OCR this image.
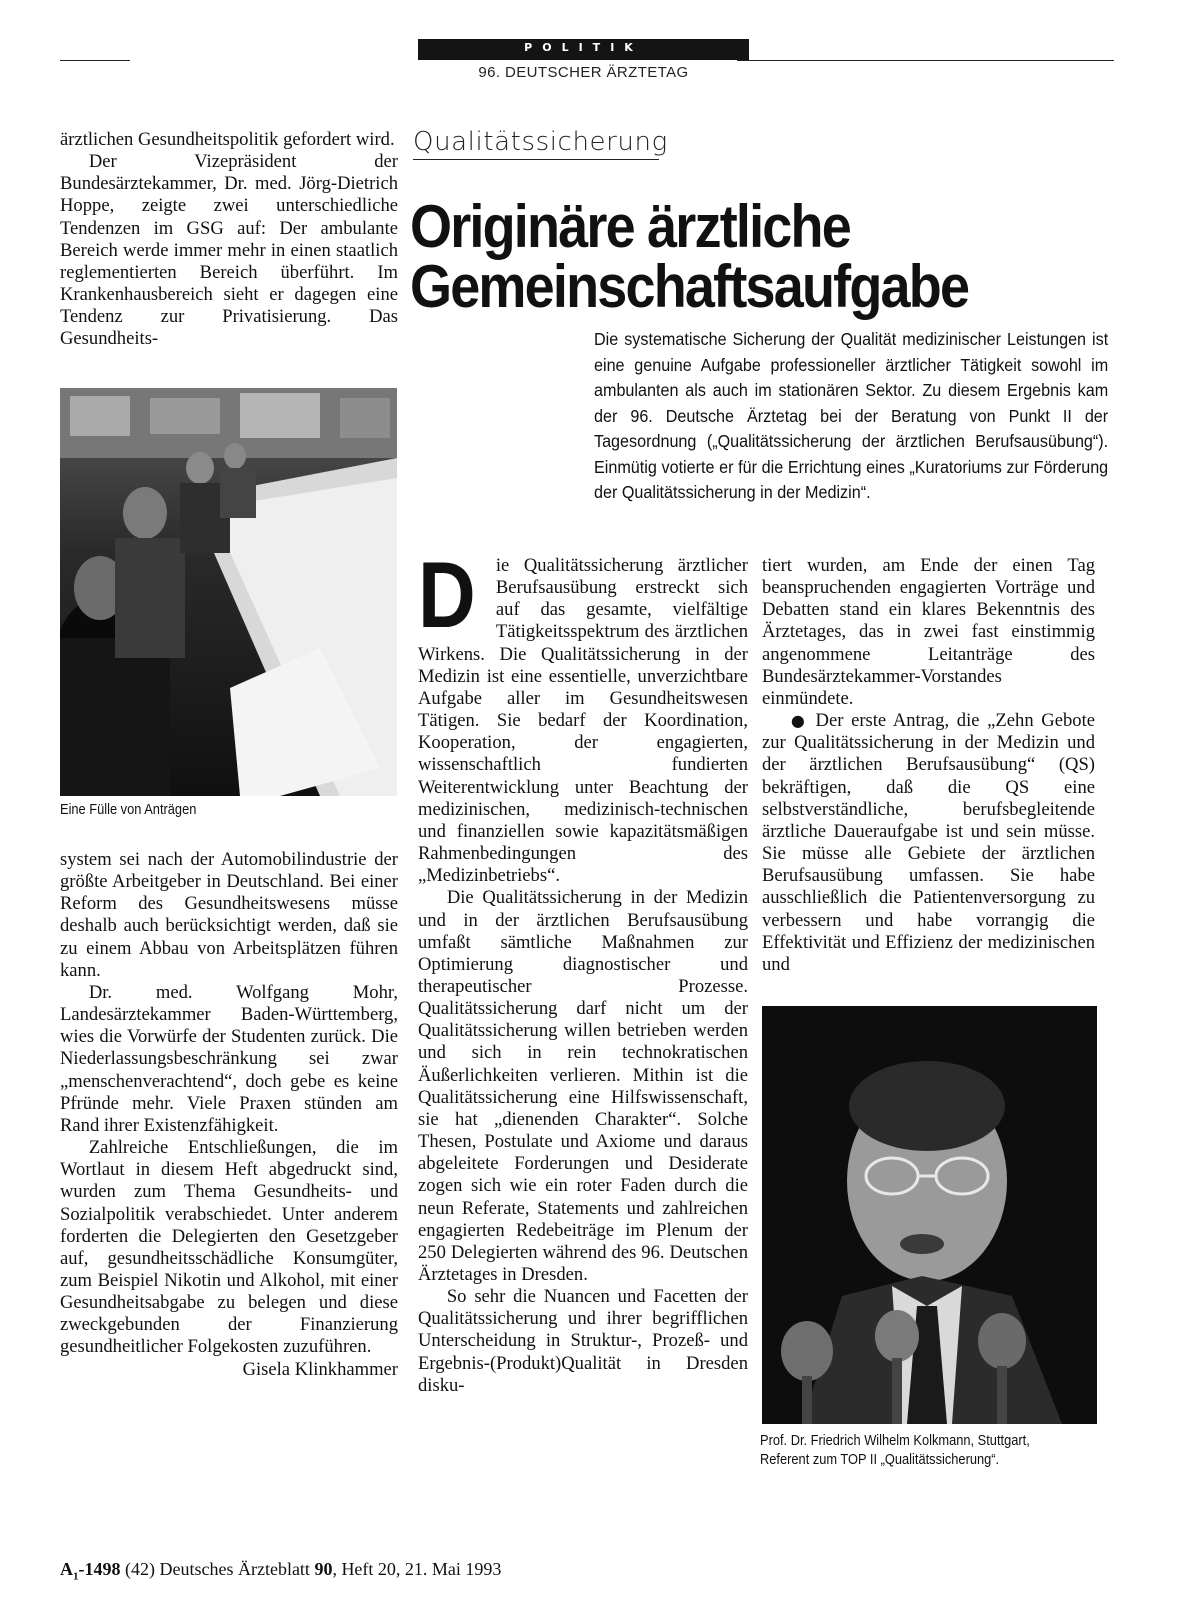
POLITIK
96. DEUTSCHER ÄRZTETAG

ärztlichen Gesundheitspolitik gefordert wird.

Der Vizepräsident der Bundesärztekammer, Dr. med. Jörg-Dietrich Hoppe, zeigte zwei unterschiedliche Tendenzen im GSG auf: Der ambulante Bereich werde immer mehr in einen staatlich reglementierten Bereich überführt. Im Krankenhausbereich sieht er dagegen eine Tendenz zur Privatisierung. Das Gesundheits-

Eine Fülle von Anträgen

system sei nach der Automobilindustrie der größte Arbeitgeber in Deutschland. Bei einer Reform des Gesundheitswesens müsse deshalb auch berücksichtigt werden, daß sie zu einem Abbau von Arbeitsplätzen führen kann.

Dr. med. Wolfgang Mohr, Landesärztekammer Baden-Württemberg, wies die Vorwürfe der Studenten zurück. Die Niederlassungsbeschränkung sei zwar „menschenverachtend“, doch gebe es keine Pfründe mehr. Viele Praxen stünden am Rand ihrer Existenzfähigkeit.

Zahlreiche Entschließungen, die im Wortlaut in diesem Heft abgedruckt sind, wurden zum Thema Gesundheits- und Sozialpolitik verabschiedet. Unter anderem forderten die Delegierten den Gesetzgeber auf, gesundheitsschädliche Konsumgüter, zum Beispiel Nikotin und Alkohol, mit einer Gesundheitsabgabe zu belegen und diese zweckgebunden der Finanzierung gesundheitlicher Folgekosten zuzuführen.

Gisela Klinkhammer

Qualitätssicherung
Originäre ärztliche
Gemeinschaftsaufgabe
Die systematische Sicherung der Qualität medizinischer Leistungen ist eine genuine Aufgabe professioneller ärztlicher Tätigkeit sowohl im ambulanten als auch im stationären Sektor. Zu diesem Ergebnis kam der 96. Deutsche Ärztetag bei der Beratung von Punkt II der Tagesordnung („Qualitätssicherung der ärztlichen Berufsausübung“). Einmütig votierte er für die Errichtung eines „Kuratoriums zur Förderung der Qualitätssicherung in der Medizin“.

D ie Qualitätssicherung ärztlicher Berufsausübung erstreckt sich auf das gesamte, vielfältige Tätigkeitsspektrum des ärztlichen Wirkens. Die Qualitätssicherung in der Medizin ist eine essentielle, unverzichtbare Aufgabe aller im Gesundheitswesen Tätigen. Sie bedarf der Koordination, Kooperation, der engagierten, wissenschaftlich fundierten Weiterentwicklung unter Beachtung der medizinischen, medizinisch-technischen und finanziellen sowie kapazitätsmäßigen Rahmenbedingungen des „Medizinbetriebs“.

Die Qualitätssicherung in der Medizin und in der ärztlichen Berufsausübung umfaßt sämtliche Maßnahmen zur Optimierung diagnostischer und therapeutischer Prozesse. Qualitätssicherung darf nicht um der Qualitätssicherung willen betrieben werden und sich in rein technokratischen Äußerlichkeiten verlieren. Mithin ist die Qualitätssicherung eine Hilfswissenschaft, sie hat „dienenden Charakter“. Solche Thesen, Postulate und Axiome und daraus abgeleitete Forderungen und Desiderate zogen sich wie ein roter Faden durch die neun Referate, Statements und zahlreichen engagierten Redebeiträge im Plenum der 250 Delegierten während des 96. Deutschen Ärztetages in Dresden.

So sehr die Nuancen und Facetten der Qualitätssicherung und ihrer begrifflichen Unterscheidung in Struktur-, Prozeß- und Ergebnis-(Produkt)Qualität in Dresden disku-

tiert wurden, am Ende der einen Tag beanspruchenden engagierten Vorträge und Debatten stand ein klares Bekenntnis des Ärztetages, das in zwei fast einstimmig angenommene Leitanträge des Bundesärztekammer-Vorstandes einmündete.

● Der erste Antrag, die „Zehn Gebote zur Qualitätssicherung in der Medizin und der ärztlichen Berufsausübung“ (QS) bekräftigen, daß die QS eine selbstverständliche, berufsbegleitende ärztliche Daueraufgabe ist und sein müsse. Sie müsse alle Gebiete der ärztlichen Berufsausübung umfassen. Sie habe ausschließlich die Patientenversorgung zu verbessern und habe vorrangig die Effektivität und Effizienz der medizinischen und

Prof. Dr. Friedrich Wilhelm Kolkmann, Stuttgart,
Referent zum TOP II „Qualitätssicherung“.
$A_1-1498$ (42) Deutsches Ärzteblatt 90, Heft 20, 21. Mai 1993
